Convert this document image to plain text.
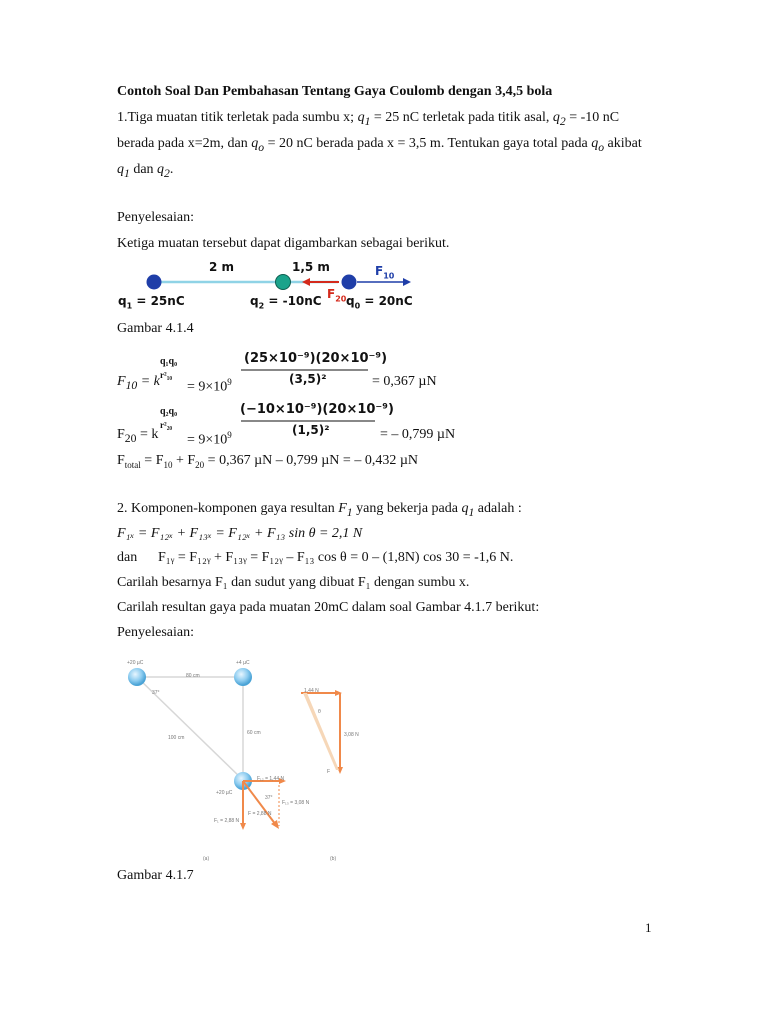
Contoh Soal Dan Pembahasan Tentang Gaya Coulomb dengan 3,4,5 bola
1.Tiga muatan titik terletak pada sumbu x; $q_1 = 25$ nC terletak pada titik asal, $q_2 = -10$ nC
berada pada x=2m, dan $q_o = 20$ nC berada pada x = 3,5 m. Tentukan gaya total pada $q_o$ akibat
$q_1$ dan $q_2$.
Penyelesaian:
Ketiga muatan tersebut dapat digambarkan sebagai berikut.
2 m	1,5 m	$F_{10}$
$F_{20}$
$q_1 = 25nC$	$q_2 = -10nC$ $q_0 = 20nC$
Gambar 4.1.4
q₁q₀
r²₁₀
$F_{10} = k = 9\times 10^9$
(25×10⁻⁹)(20×10⁻⁹)
(3,5)²	= 0,367 µN
q₂q₀
r²₂₀
$F_{20} = k = 9\times 10^9$
(−10×10⁻⁹)(20×10⁻⁹)
(1,5)²	= – 0,799 µN
$F_{total} = F_{10} + F_{20} = 0,367$ µN – 0,799 µN = – 0,432 µN
2. Komponen-komponen gaya resultan $F_1$ yang bekerja pada $q_1$ adalah :
F₁ₓ = F₁₂ₓ + F₁₃ₓ = F₁₂ₓ + F₁₃ sin θ = 2,1 N
dan F₁ᵧ = F₁₂ᵧ + F₁₃ᵧ = F₁₂ᵧ – F₁₃ cos θ = 0 – (1,8N) cos 30 = -1,6 N.
Carilah besarnya F₁ dan sudut yang dibuat F₁ dengan sumbu x.
Carilah resultan gaya pada muatan 20mC dalam soal Gambar 4.1.7 berikut:
Penyelesaian:
+20 µC	+4 µC
80 cm
37°
100 cm
60 cm
+20 µC
F₁₂ = 1,44 N
37°
F₁₃ = 3,08 N
F₁ = 2,88 N
F = 2,88 N
1,44 N
3,08 N
θ
F
(a)	(b)
Gambar 4.1.7
1
